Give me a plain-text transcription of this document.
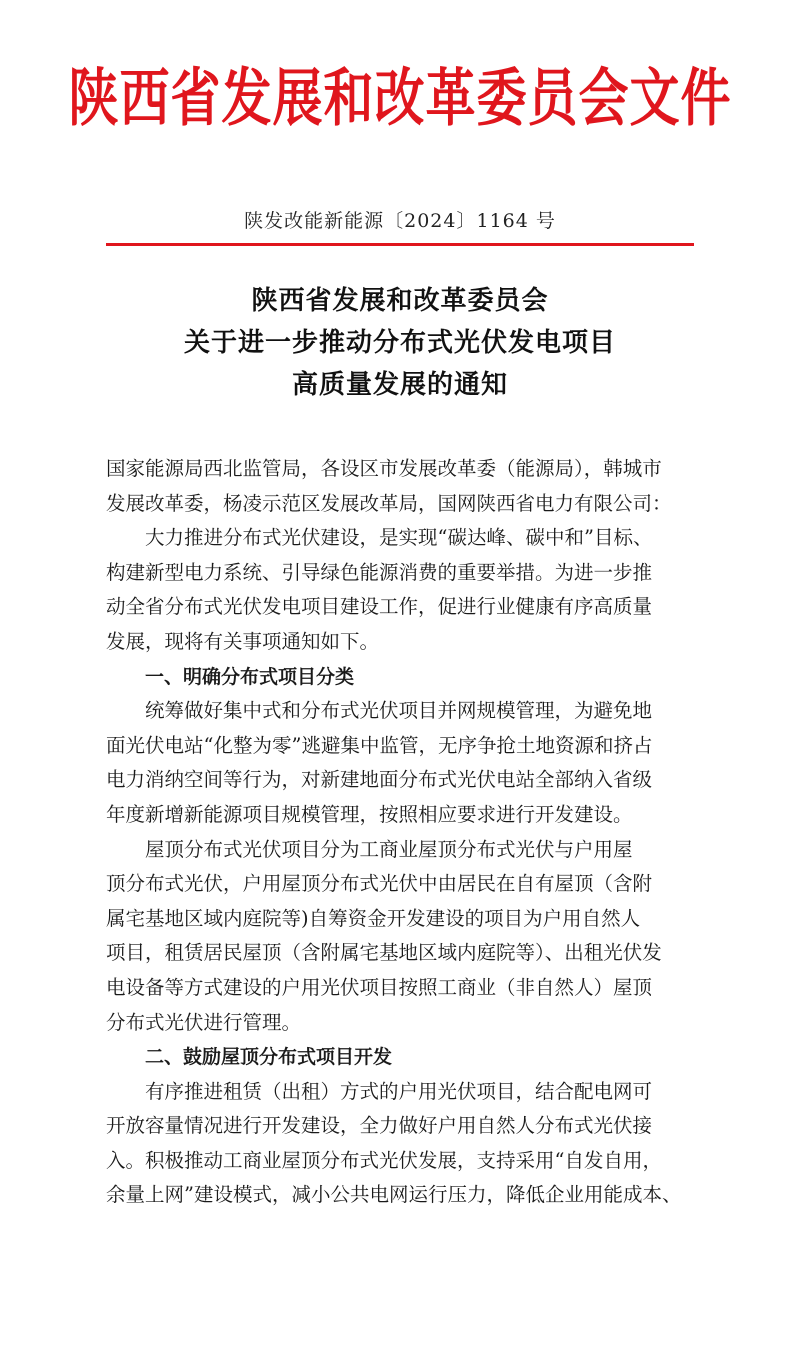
陕西省发展和改革委员会文件
陕发改能新能源〔2024〕1164 号
陕西省发展和改革委员会
关于进一步推动分布式光伏发电项目
高质量发展的通知

国家能源局西北监管局，各设区市发展改革委（能源局），韩城市
发展改革委，杨凌示范区发展改革局，国网陕西省电力有限公司：

大力推进分布式光伏建设，是实现“碳达峰、碳中和”目标、
构建新型电力系统、引导绿色能源消费的重要举措。为进一步推
动全省分布式光伏发电项目建设工作，促进行业健康有序高质量
发展，现将有关事项通知如下。

一、明确分布式项目分类

统筹做好集中式和分布式光伏项目并网规模管理，为避免地
面光伏电站“化整为零”逃避集中监管，无序争抢土地资源和挤占
电力消纳空间等行为，对新建地面分布式光伏电站全部纳入省级
年度新增新能源项目规模管理，按照相应要求进行开发建设。

屋顶分布式光伏项目分为工商业屋顶分布式光伏与户用屋
顶分布式光伏，户用屋顶分布式光伏中由居民在自有屋顶（含附
属宅基地区域内庭院等)自筹资金开发建设的项目为户用自然人
项目，租赁居民屋顶（含附属宅基地区域内庭院等）、出租光伏发
电设备等方式建设的户用光伏项目按照工商业（非自然人）屋顶
分布式光伏进行管理。

二、鼓励屋顶分布式项目开发

有序推进租赁（出租）方式的户用光伏项目，结合配电网可
开放容量情况进行开发建设，全力做好户用自然人分布式光伏接
入。积极推动工商业屋顶分布式光伏发展，支持采用“自发自用，
余量上网”建设模式，减小公共电网运行压力，降低企业用能成本、
